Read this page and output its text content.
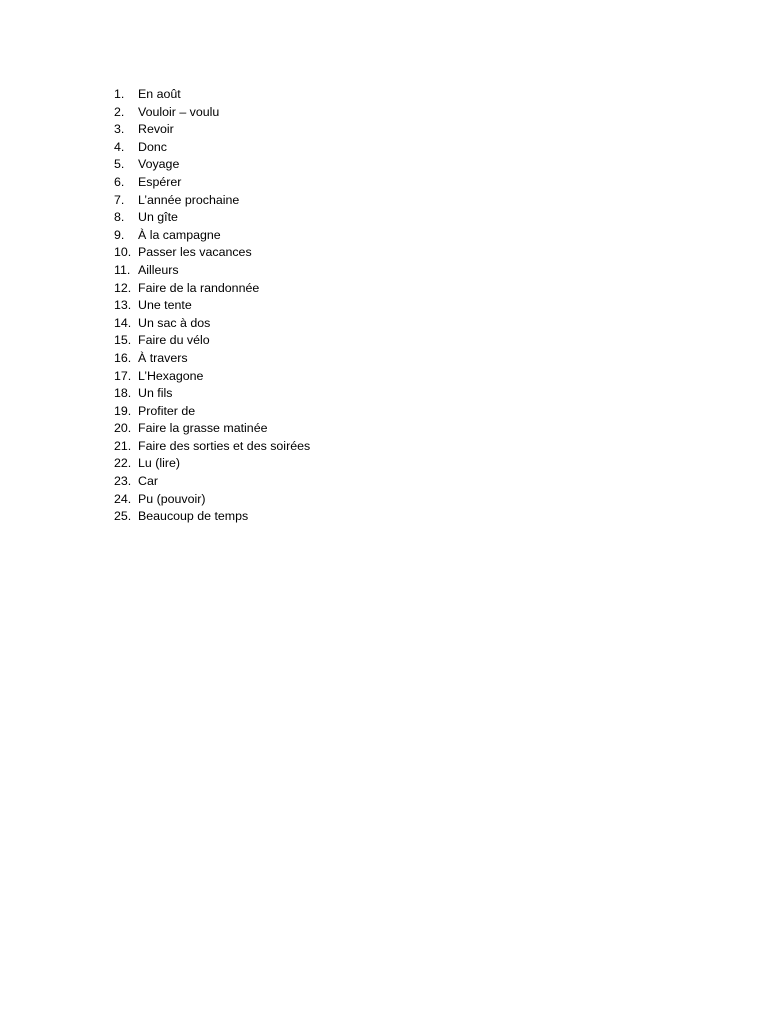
1.	En août
2.	Vouloir – voulu
3.	Revoir
4.	Donc
5.	Voyage
6.	Espérer
7.	L’année prochaine
8.	Un gîte
9.	À la campagne
10. Passer les vacances
11. Ailleurs
12. Faire de la randonnée
13. Une tente
14. Un sac à dos
15. Faire du vélo
16. À travers
17. L’Hexagone
18. Un fils
19. Profiter de
20. Faire la grasse matinée
21. Faire des sorties et des soirées
22. Lu (lire)
23. Car
24. Pu (pouvoir)
25. Beaucoup de temps
